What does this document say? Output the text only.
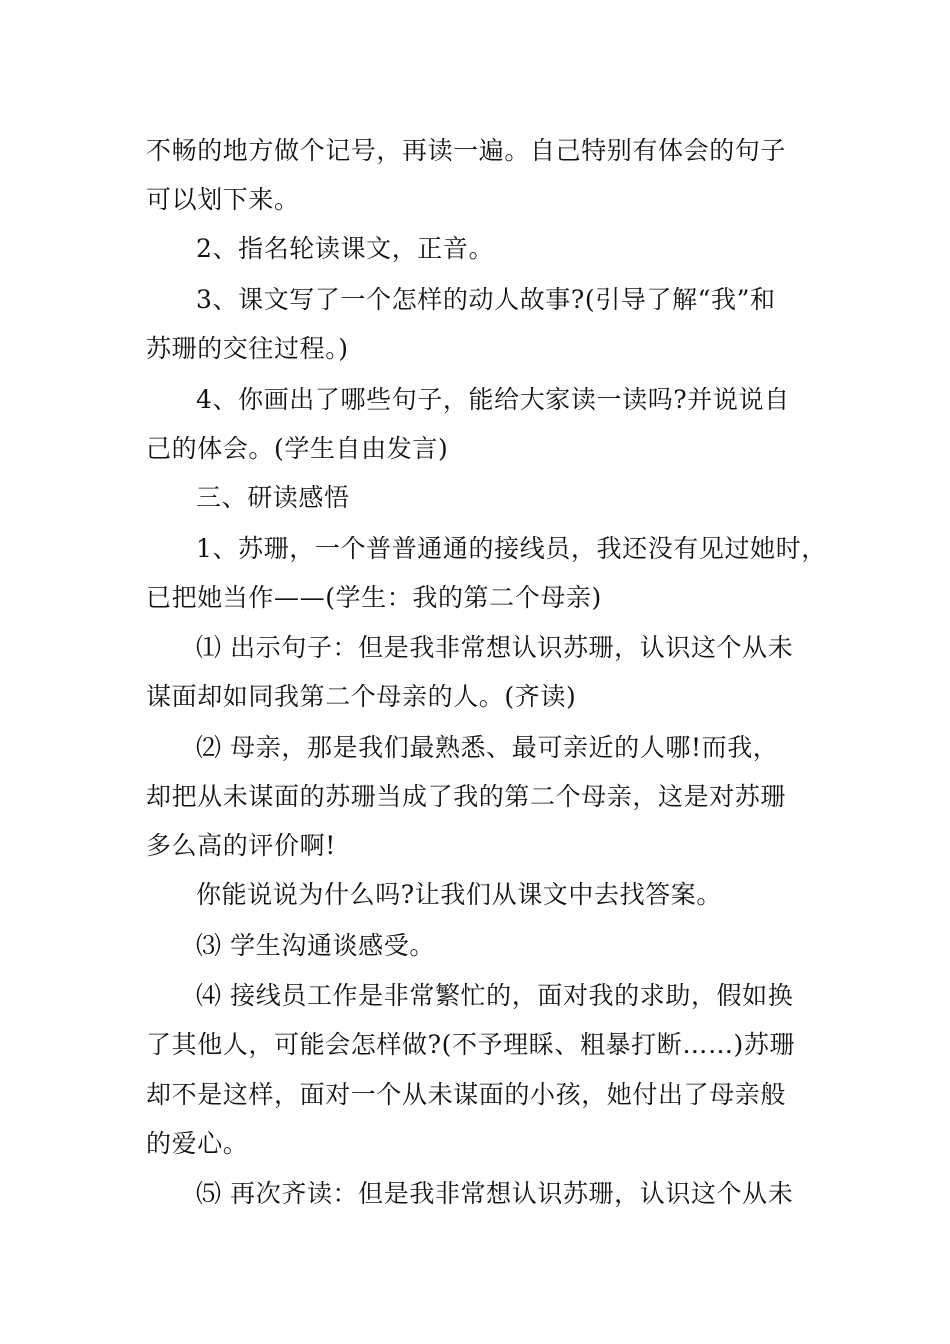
不畅的地方做个记号，再读一遍。自己特别有体会的句子
可以划下来。
2、指名轮读课文，正音。
3、课文写了一个怎样的动人故事?(引导了解“我”和
苏珊的交往过程。)
4、你画出了哪些句子，能给大家读一读吗?并说说自
己的体会。(学生自由发言)
三、研读感悟
1、苏珊，一个普普通通的接线员，我还没有见过她时，
已把她当作——(学生：我的第二个母亲)
⑴ 出示句子：但是我非常想认识苏珊，认识这个从未
谋面却如同我第二个母亲的人。(齐读)
⑵ 母亲，那是我们最熟悉、最可亲近的人哪!而我，
却把从未谋面的苏珊当成了我的第二个母亲，这是对苏珊
多么高的评价啊!
你能说说为什么吗?让我们从课文中去找答案。
⑶ 学生沟通谈感受。
⑷ 接线员工作是非常繁忙的，面对我的求助，假如换
了其他人，可能会怎样做?(不予理睬、粗暴打断……)苏珊
却不是这样，面对一个从未谋面的小孩，她付出了母亲般
的爱心。
⑸ 再次齐读：但是我非常想认识苏珊，认识这个从未
